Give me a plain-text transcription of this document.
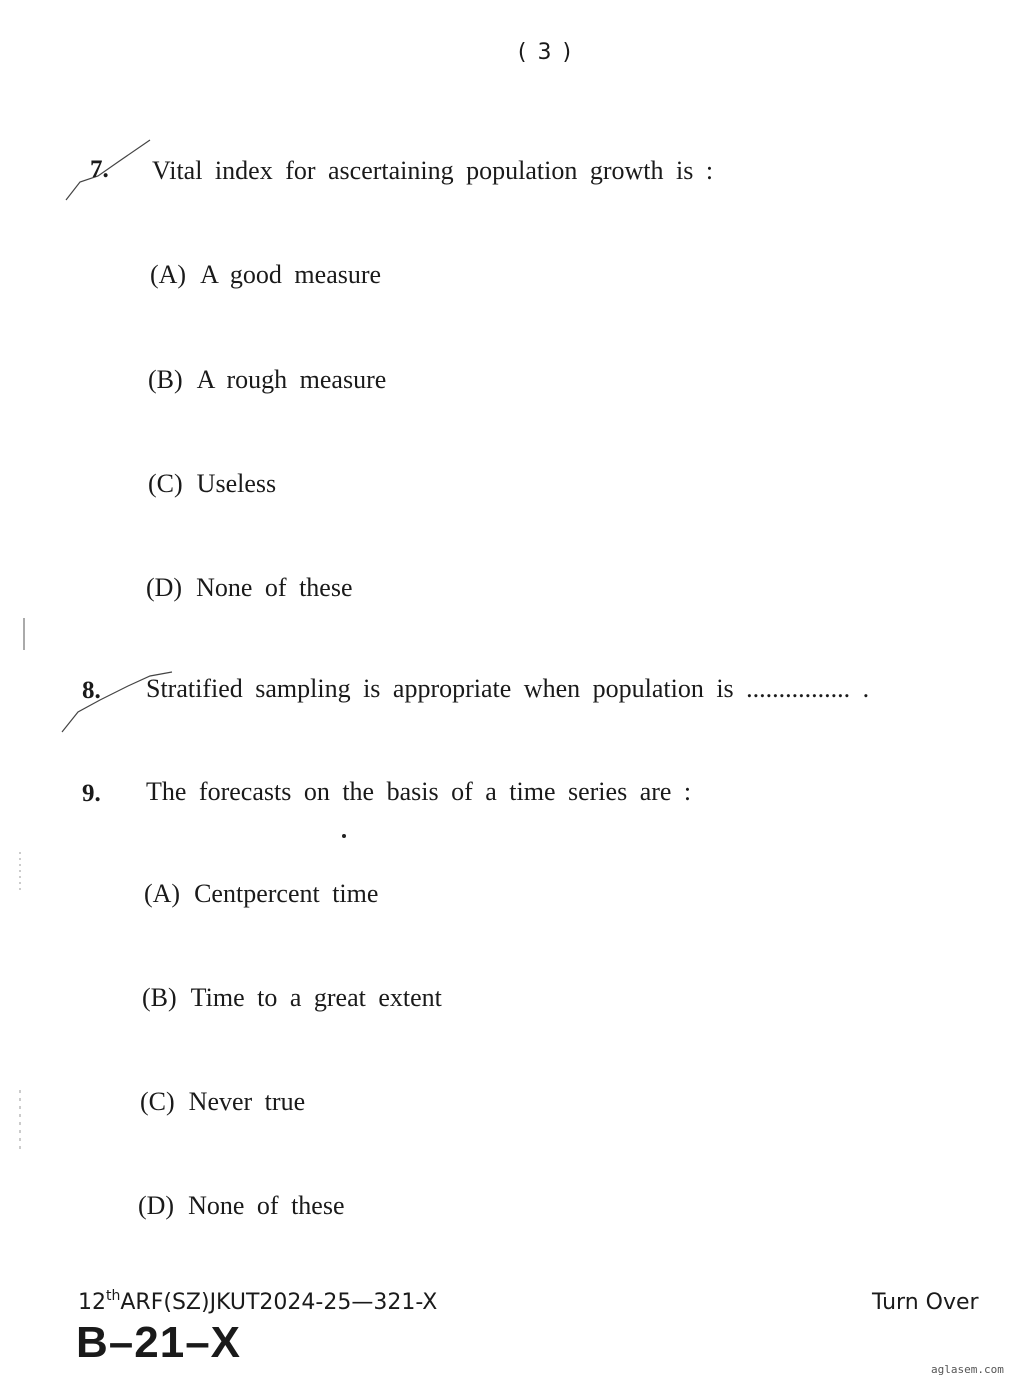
( 3 )
7. Vital index for ascertaining population growth is :
(A) A good measure
(B) A rough measure
(C) Useless
(D) None of these
8. Stratified sampling is appropriate when population is ................ .
9. The forecasts on the basis of a time series are :
(A) Centpercent time
(B) Time to a great extent
(C) Never true
(D) None of these
12thARF(SZ)JKUT2024-25—321-X
B–21–X
Turn Over
aglasem.com
